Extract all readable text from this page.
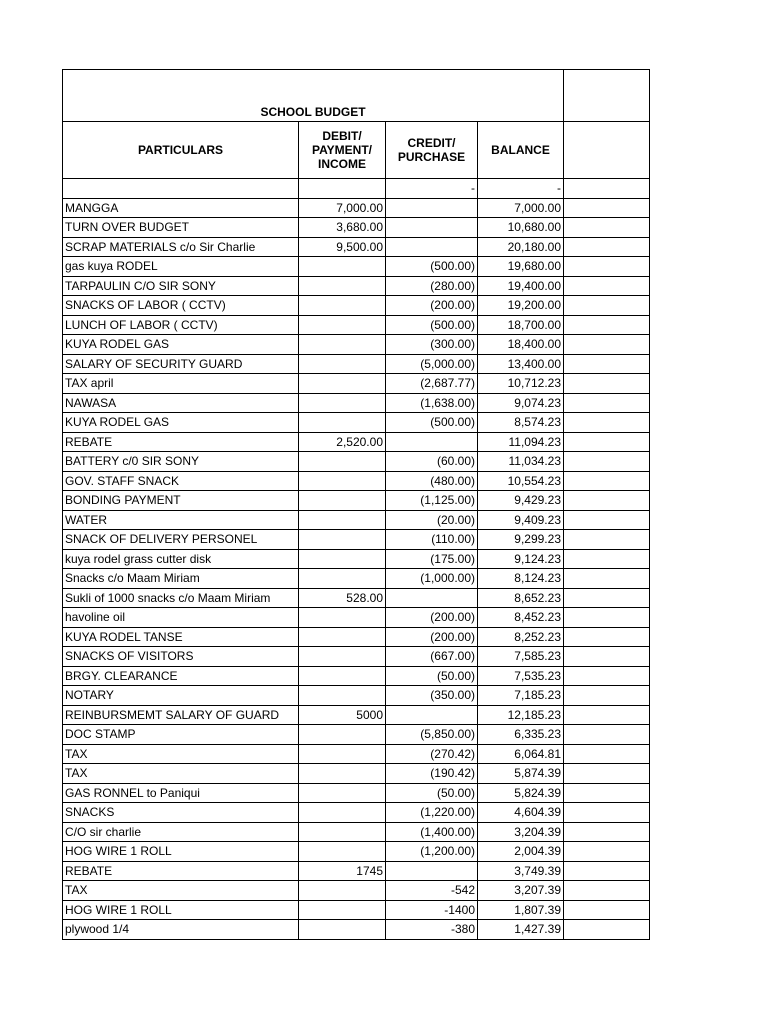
SCHOOL BUDGET				
PARTICULARS	DEBIT/ PAYMENT/ INCOME	CREDIT/ PURCHASE	BALANCE	
		-	-	
MANGGA	7,000.00		7,000.00	
TURN OVER BUDGET	3,680.00		10,680.00	
SCRAP MATERIALS c/o Sir Charlie	9,500.00		20,180.00	
gas kuya RODEL		(500.00)	19,680.00	
TARPAULIN C/O SIR SONY		(280.00)	19,400.00	
SNACKS OF LABOR ( CCTV)		(200.00)	19,200.00	
LUNCH OF LABOR ( CCTV)		(500.00)	18,700.00	
KUYA RODEL GAS		(300.00)	18,400.00	
SALARY OF SECURITY GUARD		(5,000.00)	13,400.00	
TAX april		(2,687.77)	10,712.23	
NAWASA		(1,638.00)	9,074.23	
KUYA RODEL GAS		(500.00)	8,574.23	
REBATE	2,520.00		11,094.23	
BATTERY c/0 SIR SONY		(60.00)	11,034.23	
GOV. STAFF SNACK		(480.00)	10,554.23	
BONDING PAYMENT		(1,125.00)	9,429.23	
WATER		(20.00)	9,409.23	
SNACK OF DELIVERY PERSONEL		(110.00)	9,299.23	
kuya rodel grass cutter disk		(175.00)	9,124.23	
Snacks c/o Maam Miriam		(1,000.00)	8,124.23	
Sukli of 1000 snacks c/o Maam Miriam	528.00		8,652.23	
havoline oil		(200.00)	8,452.23	
KUYA RODEL TANSE		(200.00)	8,252.23	
SNACKS OF VISITORS		(667.00)	7,585.23	
BRGY. CLEARANCE		(50.00)	7,535.23	
NOTARY		(350.00)	7,185.23	
REINBURSMEMT SALARY OF GUARD	5000		12,185.23	
DOC STAMP		(5,850.00)	6,335.23	
TAX		(270.42)	6,064.81	
TAX		(190.42)	5,874.39	
GAS RONNEL to Paniqui		(50.00)	5,824.39	
SNACKS		(1,220.00)	4,604.39	
C/O sir charlie		(1,400.00)	3,204.39	
HOG WIRE 1 ROLL		(1,200.00)	2,004.39	
REBATE	1745		3,749.39	
TAX		-542	3,207.39	
HOG WIRE 1 ROLL		-1400	1,807.39	
plywood 1/4		-380	1,427.39	
